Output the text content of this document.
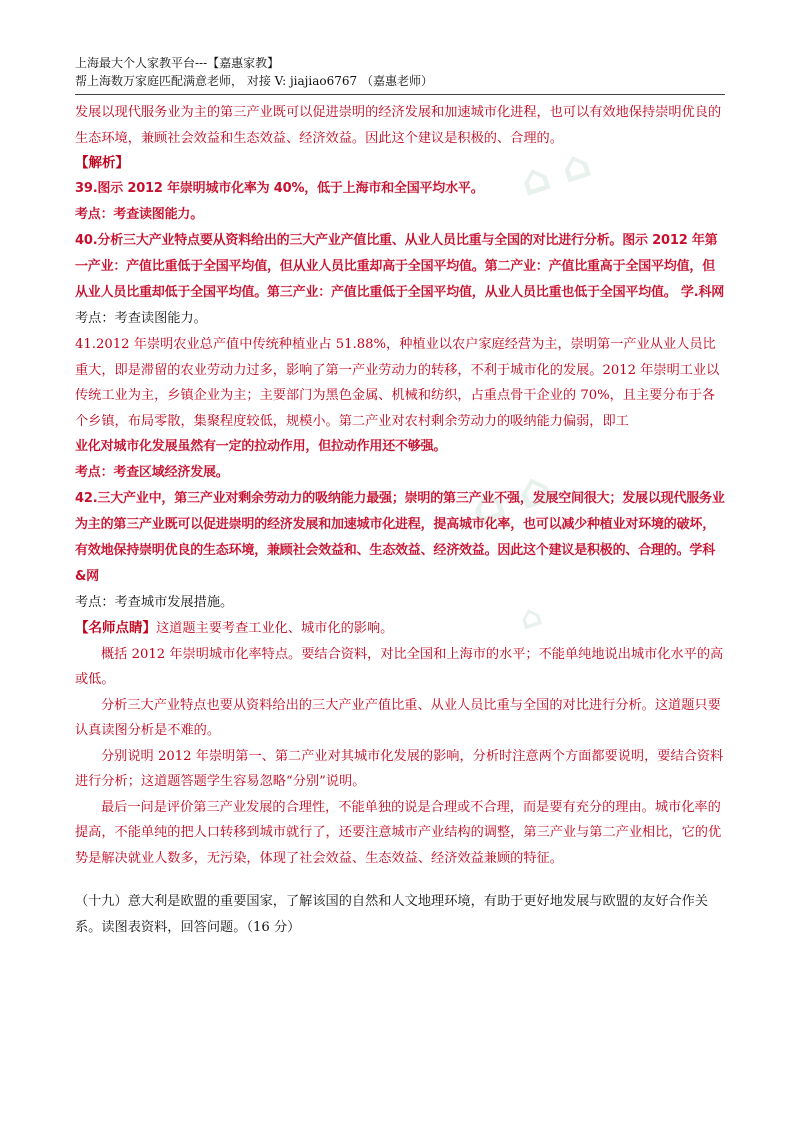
上海最大个人家教平台---【嘉惠家教】
帮上海数万家庭匹配满意老师， 对接 V: jiajiao6767 （嘉惠老师）

发展以现代服务业为主的第三产业既可以促进崇明的经济发展和加速城市化进程，也可以有效地保持崇明优良的生态环境，兼顾社会效益和生态效益、经济效益。因此这个建议是积极的、合理的。

【解析】

39.图示 2012 年崇明城市化率为 40%，低于上海市和全国平均水平。
考点：考查读图能力。
40.分析三大产业特点要从资料给出的三大产业产值比重、从业人员比重与全国的对比进行分析。图示 2012 年第一产业：产值比重低于全国平均值，但从业人员比重却高于全国平均值。第二产业：产值比重高于全国平均值，但从业人员比重却低于全国平均值。第三产业：产值比重低于全国平均值，从业人员比重也低于全国平均值。 学.科网

考点：考查读图能力。

41.2012 年崇明农业总产值中传统种植业占 51.88%，种植业以农户家庭经营为主，崇明第一产业从业人员比重大，即是滞留的农业劳动力过多，影响了第一产业劳动力的转移，不利于城市化的发展。2012 年崇明工业以传统工业为主，乡镇企业为主；主要部门为黑色金属、机械和纺织，占重点骨干企业的 70%，且主要分布于各个乡镇，布局零散，集聚程度较低，规模小。第二产业对农村剩余劳动力的吸纳能力偏弱，即工

业化对城市化发展虽然有一定的拉动作用，但拉动作用还不够强。
考点：考查区域经济发展。
42.三大产业中，第三产业对剩余劳动力的吸纳能力最强；崇明的第三产业不强，发展空间很大；发展以现代服务业为主的第三产业既可以促进崇明的经济发展和加速城市化进程，提高城市化率，也可以减少种植业对环境的破坏，有效地保持崇明优良的生态环境，兼顾社会效益和、生态效益、经济效益。因此这个建议是积极的、合理的。学科&网

考点：考查城市发展措施。

【名师点睛】这道题主要考查工业化、城市化的影响。

概括 2012 年崇明城市化率特点。要结合资料，对比全国和上海市的水平；不能单纯地说出城市化水平的高或低。

分析三大产业特点也要从资料给出的三大产业产值比重、从业人员比重与全国的对比进行分析。这道题只要认真读图分析是不难的。

分别说明 2012 年崇明第一、第二产业对其城市化发展的影响，分析时注意两个方面都要说明，要结合资料进行分析；这道题答题学生容易忽略“分别”说明。

最后一问是评价第三产业发展的合理性，不能单独的说是合理或不合理，而是要有充分的理由。城市化率的提高，不能单纯的把人口转移到城市就行了，还要注意城市产业结构的调整，第三产业与第二产业相比，它的优势是解决就业人数多，无污染，体现了社会效益、生态效益、经济效益兼顾的特征。

（十九）意大利是欧盟的重要国家，了解该国的自然和人文地理环境，有助于更好地发展与欧盟的友好合作关系。读图表资料，回答问题。（16 分）

⌂ ⌂
⌂ ⌂
⌂
